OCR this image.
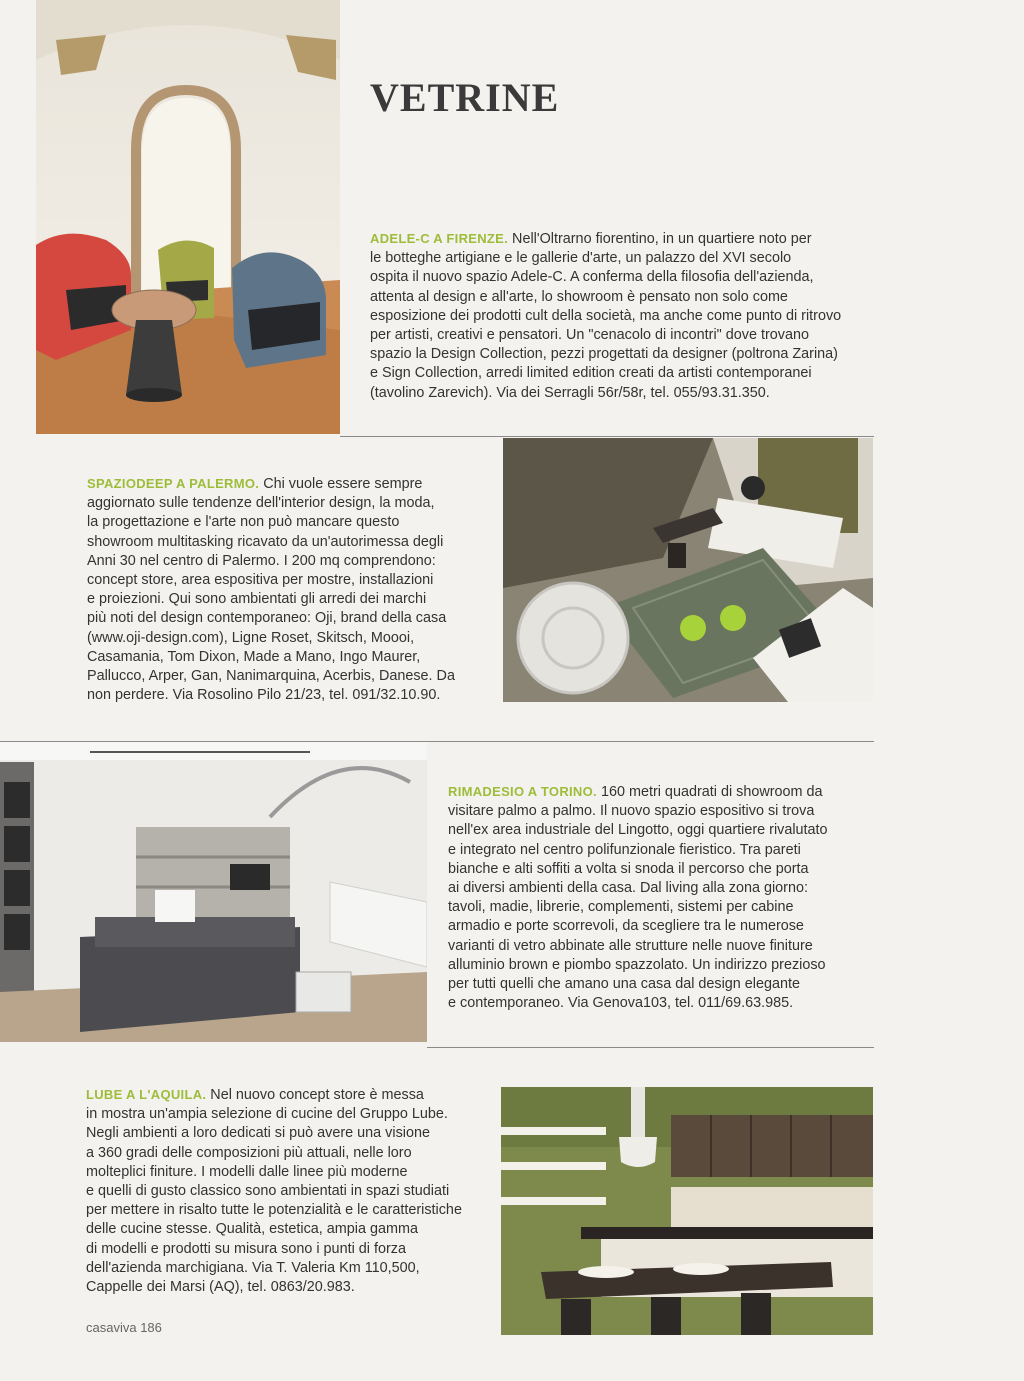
VETRINE
ADELE-C A FIRENZE. Nell'Oltrarno fiorentino, in un quartiere noto per
le botteghe artigiane e le gallerie d'arte, un palazzo del XVI secolo
ospita il nuovo spazio Adele-C. A conferma della filosofia dell'azienda,
attenta al design e all'arte, lo showroom è pensato non solo come
esposizione dei prodotti cult della società, ma anche come punto di ritrovo
per artisti, creativi e pensatori. Un "cenacolo di incontri" dove trovano
spazio la Design Collection, pezzi progettati da designer (poltrona Zarina)
e Sign Collection, arredi limited edition creati da artisti contemporanei
(tavolino Zarevich). Via dei Serragli 56r/58r, tel. 055/93.31.350.
SPAZIODEEP A PALERMO. Chi vuole essere sempre
aggiornato sulle tendenze dell'interior design, la moda,
la progettazione e l'arte non può mancare questo
showroom multitasking ricavato da un'autorimessa degli
Anni 30 nel centro di Palermo. I 200 mq comprendono:
concept store, area espositiva per mostre, installazioni
e proiezioni. Qui sono ambientati gli arredi dei marchi
più noti del design contemporaneo: Oji, brand della casa
(www.oji-design.com), Ligne Roset, Skitsch, Moooi,
Casamania, Tom Dixon, Made a Mano, Ingo Maurer,
Pallucco, Arper, Gan, Nanimarquina, Acerbis, Danese. Da
non perdere. Via Rosolino Pilo 21/23, tel. 091/32.10.90.
RIMADESIO A TORINO. 160 metri quadrati di showroom da
visitare palmo a palmo. Il nuovo spazio espositivo si trova
nell'ex area industriale del Lingotto, oggi quartiere rivalutato
e integrato nel centro polifunzionale fieristico. Tra pareti
bianche e alti soffiti a volta si snoda il percorso che porta
ai diversi ambienti della casa. Dal living alla zona giorno:
tavoli, madie, librerie, complementi, sistemi per cabine
armadio e porte scorrevoli, da scegliere tra le numerose
varianti di vetro abbinate alle strutture nelle nuove finiture
alluminio brown e piombo spazzolato. Un indirizzo prezioso
per tutti quelli che amano una casa dal design elegante
e contemporaneo. Via Genova103, tel. 011/69.63.985.
LUBE A L'AQUILA. Nel nuovo concept store è messa
in mostra un'ampia selezione di cucine del Gruppo Lube.
Negli ambienti a loro dedicati si può avere una visione
a 360 gradi delle composizioni più attuali, nelle loro
molteplici finiture. I modelli dalle linee più moderne
e quelli di gusto classico sono ambientati in spazi studiati
per mettere in risalto tutte le potenzialità e le caratteristiche
delle cucine stesse. Qualità, estetica, ampia gamma
di modelli e prodotti su misura sono i punti di forza
dell'azienda marchigiana. Via T. Valeria Km 110,500,
Cappelle dei Marsi (AQ), tel. 0863/20.983.
casaviva 186
